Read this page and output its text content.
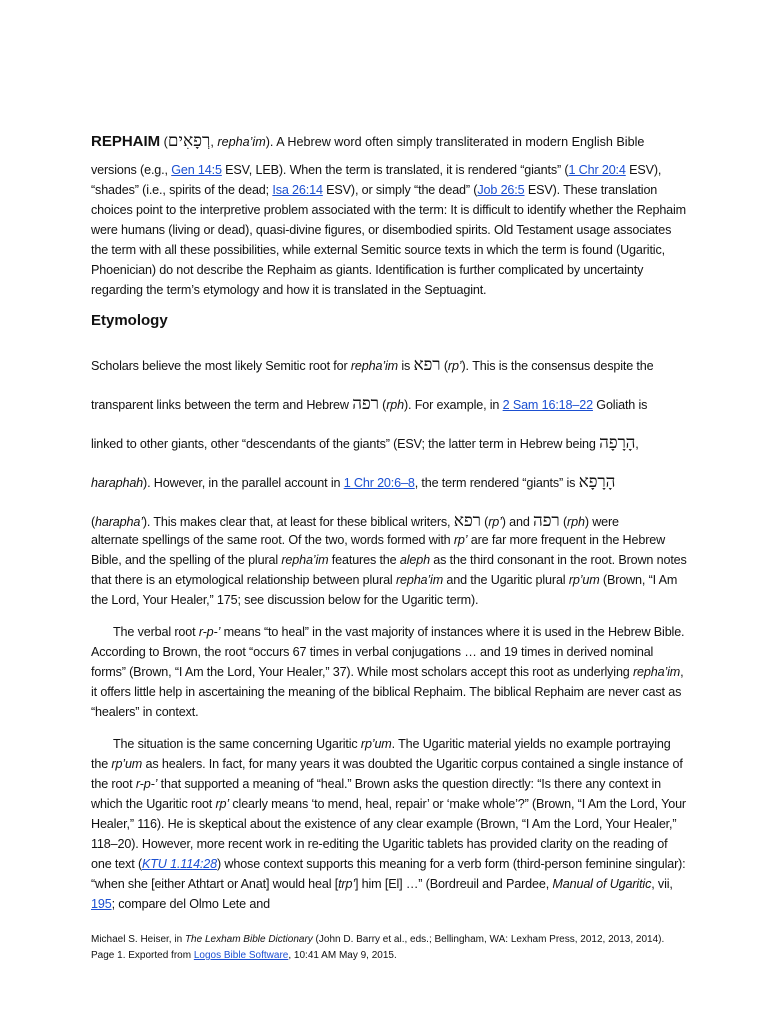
REPHAIM (רְפָאִים, repha’im). A Hebrew word often simply transliterated in modern English Bible
versions (e.g., Gen 14:5 ESV, LEB). When the term is translated, it is rendered “giants” (1 Chr 20:4 ESV), “shades” (i.e., spirits of the dead; Isa 26:14 ESV), or simply “the dead” (Job 26:5 ESV). These translation choices point to the interpretive problem associated with the term: It is difficult to identify whether the Rephaim were humans (living or dead), quasi-divine figures, or disembodied spirits. Old Testament usage associates the term with all these possibilities, while external Semitic source texts in which the term is found (Ugaritic, Phoenician) do not describe the Rephaim as giants. Identification is further complicated by uncertainty regarding the term’s etymology and how it is translated in the Septuagint.
Etymology

Scholars believe the most likely Semitic root for repha’im is רפא (rp’). This is the consensus despite the

transparent links between the term and Hebrew רפה (rph). For example, in 2 Sam 16:18–22 Goliath is

linked to other giants, other “descendants of the giants” (ESV; the latter term in Hebrew being הָרָפָה,

haraphah). However, in the parallel account in 1 Chr 20:6–8, the term rendered “giants” is הָרָפָא

(harapha’). This makes clear that, at least for these biblical writers, רפא (rp’) and רפה (rph) were

alternate spellings of the same root. Of the two, words formed with rp’ are far more frequent in the Hebrew Bible, and the spelling of the plural repha’im features the aleph as the third consonant in the root. Brown notes that there is an etymological relationship between plural repha’im and the Ugaritic plural rp’um (Brown, “I Am the Lord, Your Healer,” 175; see discussion below for the Ugaritic term).
The verbal root r-p-’ means “to heal” in the vast majority of instances where it is used in the Hebrew Bible. According to Brown, the root “occurs 67 times in verbal conjugations … and 19 times in derived nominal forms” (Brown, “I Am the Lord, Your Healer,” 37). While most scholars accept this root as underlying repha’im, it offers little help in ascertaining the meaning of the biblical Rephaim. The biblical Rephaim are never cast as “healers” in context.
The situation is the same concerning Ugaritic rp’um. The Ugaritic material yields no example portraying the rp’um as healers. In fact, for many years it was doubted the Ugaritic corpus contained a single instance of the root r-p-’ that supported a meaning of “heal.” Brown asks the question directly: “Is there any context in which the Ugaritic root rp’ clearly means ‘to mend, heal, repair’ or ‘make whole’?” (Brown, “I Am the Lord, Your Healer,” 116). He is skeptical about the existence of any clear example (Brown, “I Am the Lord, Your Healer,” 118–20). However, more recent work in re-editing the Ugaritic tablets has provided clarity on the reading of one text (KTU 1.114:28) whose context supports this meaning for a verb form (third-person feminine singular): “when she [either Athtart or Anat] would heal [trp’] him [El] …” (Bordreuil and Pardee, Manual of Ugaritic, vii, 195; compare del Olmo Lete and
Michael S. Heiser, in The Lexham Bible Dictionary (John D. Barry et al., eds.; Bellingham, WA: Lexham Press, 2012, 2013, 2014).
Page 1. Exported from Logos Bible Software, 10:41 AM May 9, 2015.
